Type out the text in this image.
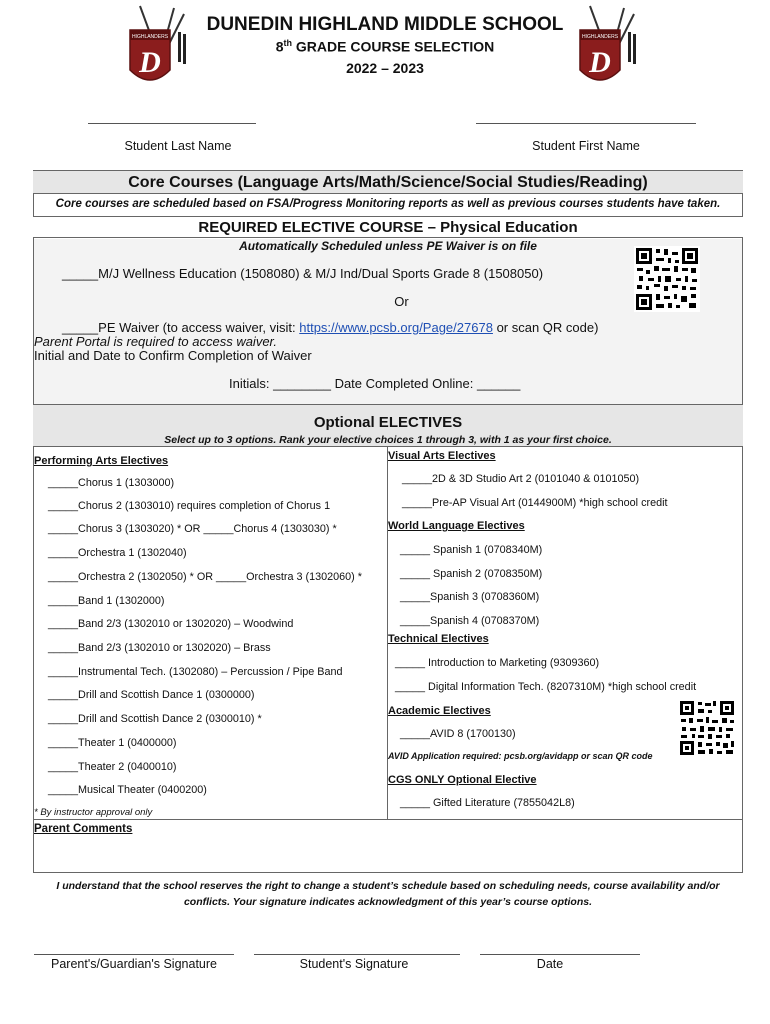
HIGHLANDERS
D
HIGHLANDERS
D
DUNEDIN HIGHLAND MIDDLE SCHOOL
8th GRADE COURSE SELECTION
2022 – 2023
Student Last Name	Student First Name
Core Courses (Language Arts/Math/Science/Social Studies/Reading)
Core courses are scheduled based on FSA/Progress Monitoring reports as well as previous courses students have taken.
REQUIRED ELECTIVE COURSE – Physical Education
Automatically Scheduled unless PE Waiver is on file
_____M/J Wellness Education (1508080) & M/J Ind/Dual Sports Grade 8 (1508050)
Or
_____PE Waiver (to access waiver, visit: https://www.pcsb.org/Page/27678 or scan QR code)
Parent Portal is required to access waiver.
Initial and Date to Confirm Completion of Waiver
Initials: ________ Date Completed Online: ______
Optional ELECTIVES
Select up to 3 options. Rank your elective choices 1 through 3, with 1 as your first choice.
Performing Arts Electives
_____Chorus 1 (1303000)
_____Chorus 2 (1303010) requires completion of Chorus 1
_____Chorus 3 (1303020) * OR _____Chorus 4 (1303030) *
_____Orchestra 1 (1302040)
_____Orchestra 2 (1302050) * OR _____Orchestra 3 (1302060) *
_____Band 1 (1302000)
_____Band 2/3 (1302010 or 1302020) – Woodwind
_____Band 2/3 (1302010 or 1302020) – Brass
_____Instrumental Tech. (1302080) – Percussion / Pipe Band
_____Drill and Scottish Dance 1 (0300000)
_____Drill and Scottish Dance 2 (0300010) *
_____Theater 1 (0400000)
_____Theater 2 (0400010)
_____Musical Theater (0400200)
* By instructor approval only
Visual Arts Electives
_____2D & 3D Studio Art 2 (0101040 & 0101050)
_____Pre-AP Visual Art (0144900M) *high school credit
World Language Electives
_____ Spanish 1 (0708340M)
_____ Spanish 2 (0708350M)
_____Spanish 3 (0708360M)
_____Spanish 4 (0708370M)
Technical Electives
_____ Introduction to Marketing (9309360)
_____ Digital Information Tech. (8207310M) *high school credit
Academic Electives
_____AVID 8 (1700130)
AVID Application required: pcsb.org/avidapp or scan QR code
CGS ONLY Optional Elective
_____ Gifted Literature (7855042L8)
Parent Comments
I understand that the school reserves the right to change a student’s schedule based on scheduling needs, course availability and/or conflicts. Your signature indicates acknowledgment of this year’s course options.
Parent's/Guardian's Signature	Student's Signature	Date
